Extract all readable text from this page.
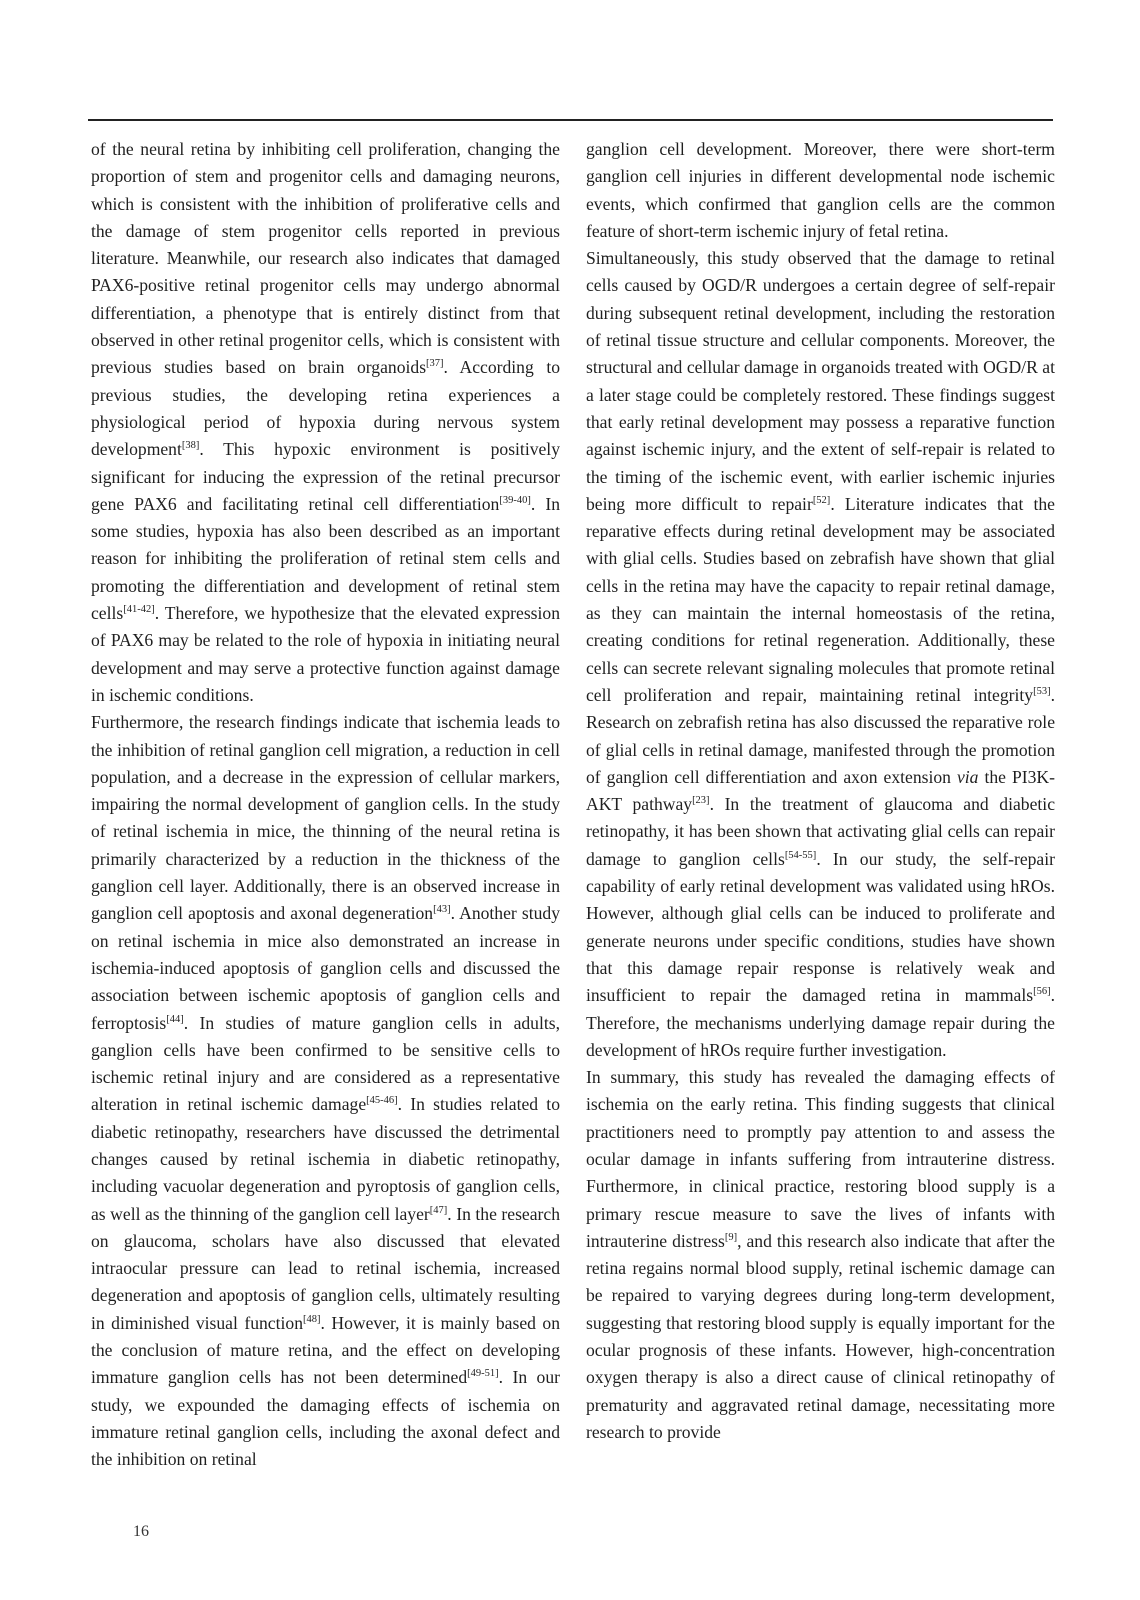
of the neural retina by inhibiting cell proliferation, changing the proportion of stem and progenitor cells and damaging neurons, which is consistent with the inhibition of proliferative cells and the damage of stem progenitor cells reported in previous literature. Meanwhile, our research also indicates that damaged PAX6-positive retinal progenitor cells may undergo abnormal differentiation, a phenotype that is entirely distinct from that observed in other retinal progenitor cells, which is consistent with previous studies based on brain organoids[37]. According to previous studies, the developing retina experiences a physiological period of hypoxia during nervous system development[38]. This hypoxic environment is positively significant for inducing the expression of the retinal precursor gene PAX6 and facilitating retinal cell differentiation[39-40]. In some studies, hypoxia has also been described as an important reason for inhibiting the proliferation of retinal stem cells and promoting the differentiation and development of retinal stem cells[41-42]. Therefore, we hypothesize that the elevated expression of PAX6 may be related to the role of hypoxia in initiating neural development and may serve a protective function against damage in ischemic conditions.

Furthermore, the research findings indicate that ischemia leads to the inhibition of retinal ganglion cell migration, a reduction in cell population, and a decrease in the expression of cellular markers, impairing the normal development of ganglion cells. In the study of retinal ischemia in mice, the thinning of the neural retina is primarily characterized by a reduction in the thickness of the ganglion cell layer. Additionally, there is an observed increase in ganglion cell apoptosis and axonal degeneration[43]. Another study on retinal ischemia in mice also demonstrated an increase in ischemia-induced apoptosis of ganglion cells and discussed the association between ischemic apoptosis of ganglion cells and ferroptosis[44]. In studies of mature ganglion cells in adults, ganglion cells have been confirmed to be sensitive cells to ischemic retinal injury and are considered as a representative alteration in retinal ischemic damage[45-46]. In studies related to diabetic retinopathy, researchers have discussed the detrimental changes caused by retinal ischemia in diabetic retinopathy, including vacuolar degeneration and pyroptosis of ganglion cells, as well as the thinning of the ganglion cell layer[47]. In the research on glaucoma, scholars have also discussed that elevated intraocular pressure can lead to retinal ischemia, increased degeneration and apoptosis of ganglion cells, ultimately resulting in diminished visual function[48]. However, it is mainly based on the conclusion of mature retina, and the effect on developing immature ganglion cells has not been determined[49-51]. In our study, we expounded the damaging effects of ischemia on immature retinal ganglion cells, including the axonal defect and the inhibition on retinal

ganglion cell development. Moreover, there were short-term ganglion cell injuries in different developmental node ischemic events, which confirmed that ganglion cells are the common feature of short-term ischemic injury of fetal retina.

Simultaneously, this study observed that the damage to retinal cells caused by OGD/R undergoes a certain degree of self-repair during subsequent retinal development, including the restoration of retinal tissue structure and cellular components. Moreover, the structural and cellular damage in organoids treated with OGD/R at a later stage could be completely restored. These findings suggest that early retinal development may possess a reparative function against ischemic injury, and the extent of self-repair is related to the timing of the ischemic event, with earlier ischemic injuries being more difficult to repair[52]. Literature indicates that the reparative effects during retinal development may be associated with glial cells. Studies based on zebrafish have shown that glial cells in the retina may have the capacity to repair retinal damage, as they can maintain the internal homeostasis of the retina, creating conditions for retinal regeneration. Additionally, these cells can secrete relevant signaling molecules that promote retinal cell proliferation and repair, maintaining retinal integrity[53]. Research on zebrafish retina has also discussed the reparative role of glial cells in retinal damage, manifested through the promotion of ganglion cell differentiation and axon extension via the PI3K-AKT pathway[23]. In the treatment of glaucoma and diabetic retinopathy, it has been shown that activating glial cells can repair damage to ganglion cells[54-55]. In our study, the self-repair capability of early retinal development was validated using hROs. However, although glial cells can be induced to proliferate and generate neurons under specific conditions, studies have shown that this damage repair response is relatively weak and insufficient to repair the damaged retina in mammals[56]. Therefore, the mechanisms underlying damage repair during the development of hROs require further investigation.

In summary, this study has revealed the damaging effects of ischemia on the early retina. This finding suggests that clinical practitioners need to promptly pay attention to and assess the ocular damage in infants suffering from intrauterine distress. Furthermore, in clinical practice, restoring blood supply is a primary rescue measure to save the lives of infants with intrauterine distress[9], and this research also indicate that after the retina regains normal blood supply, retinal ischemic damage can be repaired to varying degrees during long-term development, suggesting that restoring blood supply is equally important for the ocular prognosis of these infants. However, high-concentration oxygen therapy is also a direct cause of clinical retinopathy of prematurity and aggravated retinal damage, necessitating more research to provide

16
